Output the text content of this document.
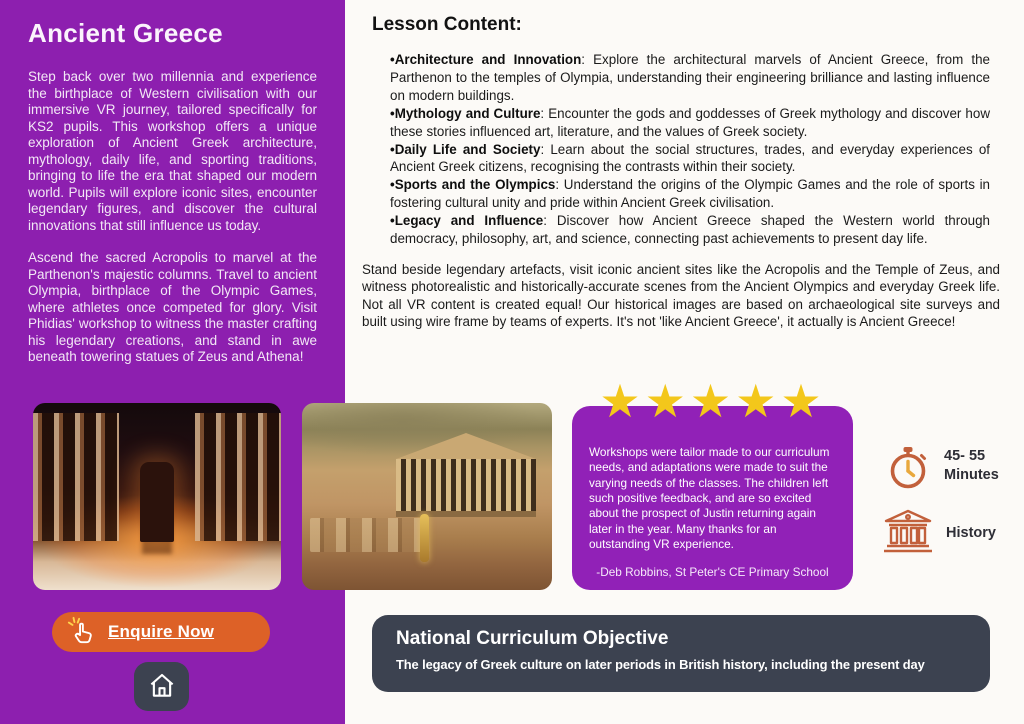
Ancient Greece

Step back over two millennia and experience the birthplace of Western civilisation with our immersive VR journey, tailored specifically for KS2 pupils. This workshop offers a unique exploration of Ancient Greek architecture, mythology, daily life, and sporting traditions, bringing to life the era that shaped our modern world. Pupils will explore iconic sites, encounter legendary figures, and discover the cultural innovations that still influence us today.

Ascend the sacred Acropolis to marvel at the Parthenon's majestic columns. Travel to ancient Olympia, birthplace of the Olympic Games, where athletes once competed for glory. Visit Phidias' workshop to witness the master crafting his legendary creations, and stand in awe beneath towering statues of Zeus and Athena!

Lesson Content:

•Architecture and Innovation: Explore the architectural marvels of Ancient Greece, from the Parthenon to the temples of Olympia, understanding their engineering brilliance and lasting influence on modern buildings.

•Mythology and Culture: Encounter the gods and goddesses of Greek mythology and discover how these stories influenced art, literature, and the values of Greek society.

•Daily Life and Society: Learn about the social structures, trades, and everyday experiences of Ancient Greek citizens, recognising the contrasts within their society.

•Sports and the Olympics: Understand the origins of the Olympic Games and the role of sports in fostering cultural unity and pride within Ancient Greek civilisation.

•Legacy and Influence: Discover how Ancient Greece shaped the Western world through democracy, philosophy, art, and science, connecting past achievements to present day life.

Stand beside legendary artefacts, visit iconic ancient sites like the Acropolis and the Temple of Zeus, and witness photorealistic and historically-accurate scenes from the Ancient Olympics and everyday Greek life. Not all VR content is created equal! Our historical images are based on archaeological site surveys and built using wire frame by teams of experts. It's not 'like Ancient Greece', it actually is Ancient Greece!

★★★★★

Workshops were tailor made to our curriculum needs, and adaptations were made to suit the varying needs of the classes. The children left such positive feedback, and are so excited about the prospect of Justin returning again later in the year. Many thanks for an outstanding VR experience.

-Deb Robbins, St Peter's CE Primary School
45- 55
Minutes
History
Enquire Now	National Curriculum Objective

The legacy of Greek culture on later periods in British history, including the present day
